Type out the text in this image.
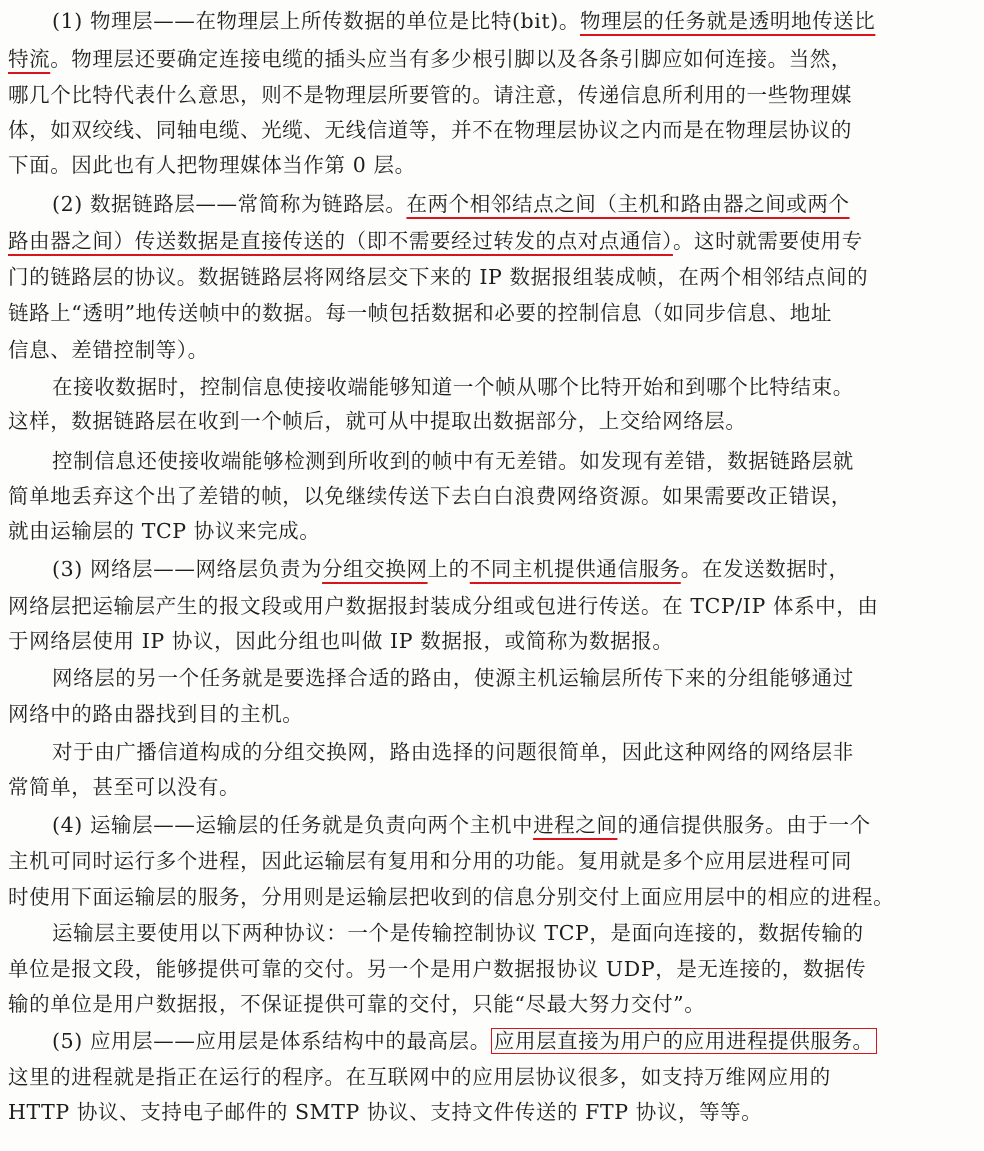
(1) 物理层——在物理层上所传数据的单位是比特(bit)。物理层的任务就是透明地传送比
特流。物理层还要确定连接电缆的插头应当有多少根引脚以及各条引脚应如何连接。当然，
哪几个比特代表什么意思，则不是物理层所要管的。请注意，传递信息所利用的一些物理媒
体，如双绞线、同轴电缆、光缆、无线信道等，并不在物理层协议之内而是在物理层协议的
下面。因此也有人把物理媒体当作第 0 层。
(2) 数据链路层——常简称为链路层。在两个相邻结点之间（主机和路由器之间或两个
路由器之间）传送数据是直接传送的（即不需要经过转发的点对点通信）。这时就需要使用专
门的链路层的协议。数据链路层将网络层交下来的 IP 数据报组装成帧，在两个相邻结点间的
链路上“透明”地传送帧中的数据。每一帧包括数据和必要的控制信息（如同步信息、地址
信息、差错控制等）。
在接收数据时，控制信息使接收端能够知道一个帧从哪个比特开始和到哪个比特结束。
这样，数据链路层在收到一个帧后，就可从中提取出数据部分，上交给网络层。
控制信息还使接收端能够检测到所收到的帧中有无差错。如发现有差错，数据链路层就
简单地丢弃这个出了差错的帧，以免继续传送下去白白浪费网络资源。如果需要改正错误，
就由运输层的 TCP 协议来完成。
(3) 网络层——网络层负责为分组交换网上的不同主机提供通信服务。在发送数据时，
网络层把运输层产生的报文段或用户数据报封装成分组或包进行传送。在 TCP/IP 体系中，由
于网络层使用 IP 协议，因此分组也叫做 IP 数据报，或简称为数据报。
网络层的另一个任务就是要选择合适的路由，使源主机运输层所传下来的分组能够通过
网络中的路由器找到目的主机。
对于由广播信道构成的分组交换网，路由选择的问题很简单，因此这种网络的网络层非
常简单，甚至可以没有。
(4) 运输层——运输层的任务就是负责向两个主机中进程之间的通信提供服务。由于一个
主机可同时运行多个进程，因此运输层有复用和分用的功能。复用就是多个应用层进程可同
时使用下面运输层的服务，分用则是运输层把收到的信息分别交付上面应用层中的相应的进程。
运输层主要使用以下两种协议：一个是传输控制协议 TCP，是面向连接的，数据传输的
单位是报文段，能够提供可靠的交付。另一个是用户数据报协议 UDP，是无连接的，数据传
输的单位是用户数据报，不保证提供可靠的交付，只能“尽最大努力交付”。
(5) 应用层——应用层是体系结构中的最高层。 应用层直接为用户的应用进程提供服务。
这里的进程就是指正在运行的程序。在互联网中的应用层协议很多，如支持万维网应用的
HTTP 协议、支持电子邮件的 SMTP 协议、支持文件传送的 FTP 协议，等等。
